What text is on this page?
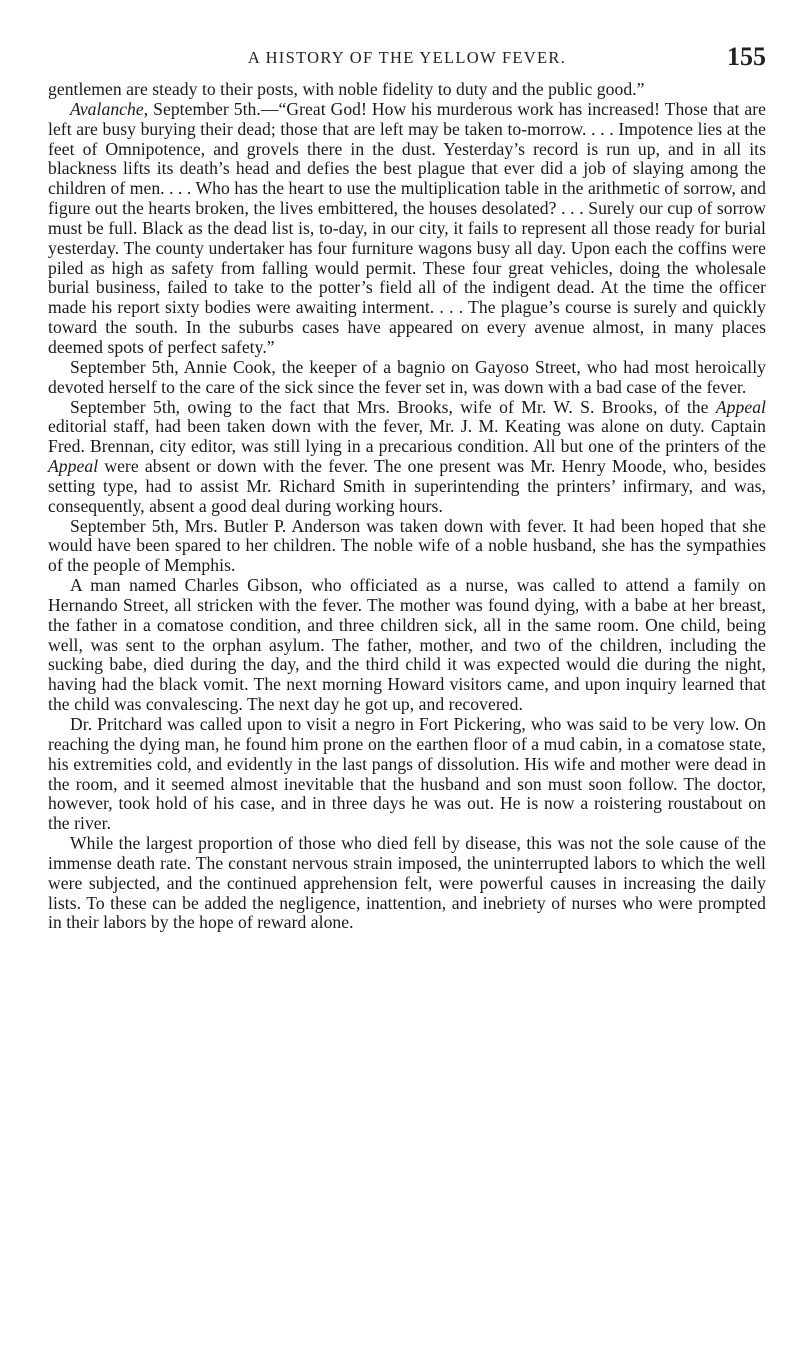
A HISTORY OF THE YELLOW FEVER.	155

gentlemen are steady to their posts, with noble fidelity to duty and the public good.”

Avalanche, September 5th.—“Great God! How his murderous work has increased! Those that are left are busy burying their dead; those that are left may be taken to-morrow. . . . Impotence lies at the feet of Omnipotence, and grovels there in the dust. Yesterday’s record is run up, and in all its blackness lifts its death’s head and defies the best plague that ever did a job of slaying among the children of men. . . . Who has the heart to use the multiplication table in the arithmetic of sorrow, and figure out the hearts broken, the lives embittered, the houses desolated? . . . Surely our cup of sorrow must be full. Black as the dead list is, to-day, in our city, it fails to represent all those ready for burial yesterday. The county undertaker has four furniture wagons busy all day. Upon each the coffins were piled as high as safety from falling would permit. These four great vehicles, doing the wholesale burial business, failed to take to the potter’s field all of the indigent dead. At the time the officer made his report sixty bodies were awaiting interment. . . . The plague’s course is surely and quickly toward the south. In the suburbs cases have appeared on every avenue almost, in many places deemed spots of perfect safety.”

September 5th, Annie Cook, the keeper of a bagnio on Gayoso Street, who had most heroically devoted herself to the care of the sick since the fever set in, was down with a bad case of the fever.

September 5th, owing to the fact that Mrs. Brooks, wife of Mr. W. S. Brooks, of the Appeal editorial staff, had been taken down with the fever, Mr. J. M. Keating was alone on duty. Captain Fred. Brennan, city editor, was still lying in a precarious condition. All but one of the printers of the Appeal were absent or down with the fever. The one present was Mr. Henry Moode, who, besides setting type, had to assist Mr. Richard Smith in superintending the printers’ infirmary, and was, consequently, absent a good deal during working hours.

September 5th, Mrs. Butler P. Anderson was taken down with fever. It had been hoped that she would have been spared to her children. The noble wife of a noble husband, she has the sympathies of the people of Memphis.

A man named Charles Gibson, who officiated as a nurse, was called to attend a family on Hernando Street, all stricken with the fever. The mother was found dying, with a babe at her breast, the father in a comatose condition, and three children sick, all in the same room. One child, being well, was sent to the orphan asylum. The father, mother, and two of the children, including the sucking babe, died during the day, and the third child it was expected would die during the night, having had the black vomit. The next morning Howard visitors came, and upon inquiry learned that the child was convalescing. The next day he got up, and recovered.

Dr. Pritchard was called upon to visit a negro in Fort Pickering, who was said to be very low. On reaching the dying man, he found him prone on the earthen floor of a mud cabin, in a comatose state, his extremities cold, and evidently in the last pangs of dissolution. His wife and mother were dead in the room, and it seemed almost inevitable that the husband and son must soon follow. The doctor, however, took hold of his case, and in three days he was out. He is now a roistering roustabout on the river.

While the largest proportion of those who died fell by disease, this was not the sole cause of the immense death rate. The constant nervous strain imposed, the uninterrupted labors to which the well were subjected, and the continued apprehension felt, were powerful causes in increasing the daily lists. To these can be added the negligence, inattention, and inebriety of nurses who were prompted in their labors by the hope of reward alone.
